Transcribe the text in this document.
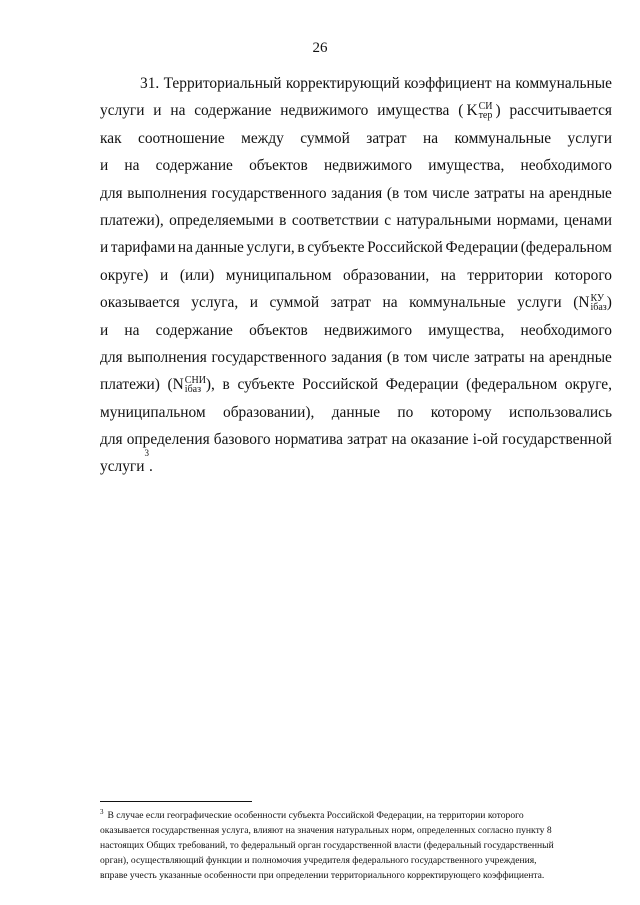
26
31. Территориальный корректирующий коэффициент на коммунальные
услуги и на содержание недвижимого имущества (  K СИ
тер  ) рассчитывается
как соотношение между суммой затрат на коммунальные услуги
и на содержание объектов недвижимого имущества, необходимого
для выполнения государственного задания (в том числе затраты на арендные
платежи), определяемыми в соответствии с натуральными нормами, ценами
и тарифами на данные услуги, в субъекте Российской Федерации (федеральном
округе) и (или) муниципальном образовании, на территории которого
оказывается услуга, и суммой затрат на коммунальные услуги ( N КУ
iбаз )
и на содержание объектов недвижимого имущества, необходимого
для выполнения государственного задания (в том числе затраты на арендные
платежи) ( N СНИ
iбаз ), в субъекте Российской Федерации (федеральном округе,
муниципальном образовании), данные по которому использовались
для определения базового норматива затрат на оказание i-ой государственной
услуги
3
.
$^3$ В случае если географические особенности субъекта Российской Федерации, на территории которого
оказывается государственная услуга, влияют на значения натуральных норм, определенных согласно пункту 8
настоящих Общих требований, то федеральный орган государственной власти (федеральный государственный
орган), осуществляющий функции и полномочия учредителя федерального государственного учреждения,
вправе учесть указанные особенности при определении территориального корректирующего коэффициента.
